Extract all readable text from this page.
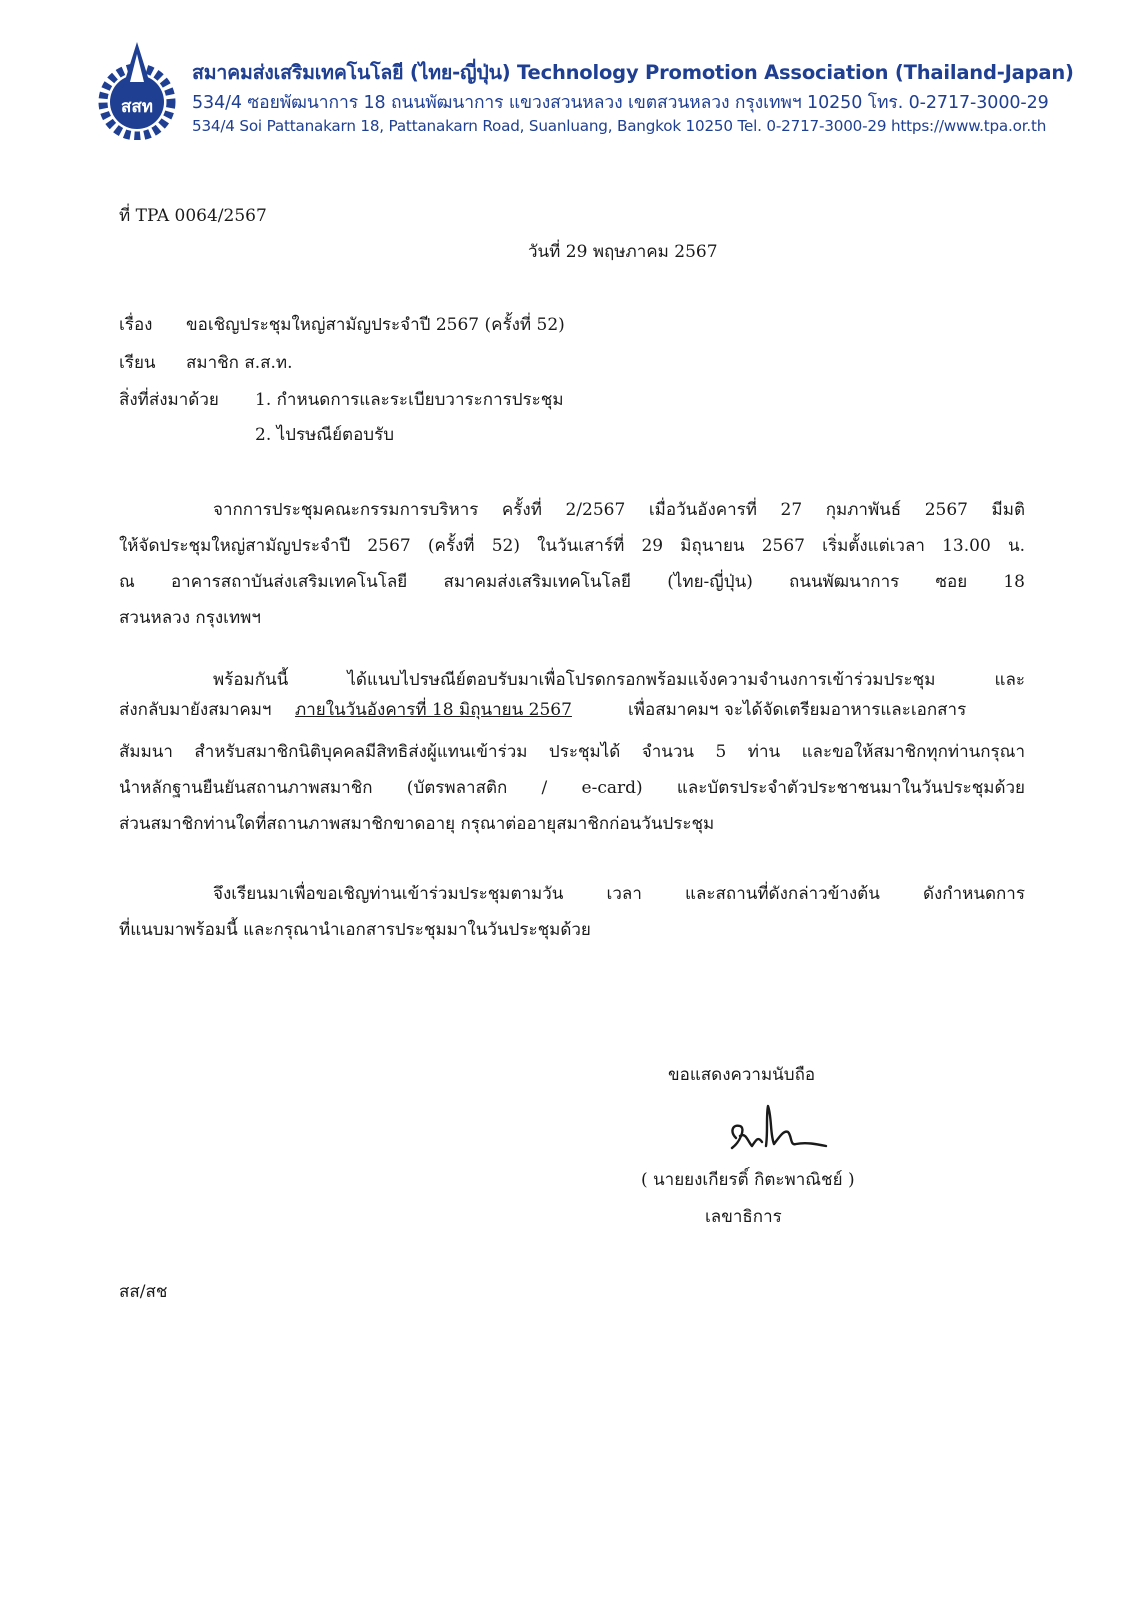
สสท
สมาคมส่งเสริมเทคโนโลยี (ไทย-ญี่ปุ่น) Technology Promotion Association (Thailand-Japan)
534/4 ซอยพัฒนาการ 18 ถนนพัฒนาการ แขวงสวนหลวง เขตสวนหลวง กรุงเทพฯ 10250 โทร. 0-2717-3000-29
534/4 Soi Pattanakarn 18, Pattanakarn Road, Suanluang, Bangkok 10250 Tel. 0-2717-3000-29 https://www.tpa.or.th
ที่ TPA 0064/2567
วันที่ 29 พฤษภาคม 2567
เรื่อง ขอเชิญประชุมใหญ่สามัญประจำปี 2567 (ครั้งที่ 52)
เรียน สมาชิก ส.ส.ท.
สิ่งที่ส่งมาด้วย 1. กำหนดการและระเบียบวาระการประชุม
2. ไปรษณีย์ตอบรับ
จากการประชุมคณะกรรมการบริหาร ครั้งที่ 2/2567 เมื่อวันอังคารที่ 27 กุมภาพันธ์ 2567 มีมติ
ให้จัดประชุมใหญ่สามัญประจำปี 2567 (ครั้งที่ 52) ในวันเสาร์ที่ 29 มิถุนายน 2567 เริ่มตั้งแต่เวลา 13.00 น.
ณ อาคารสถาบันส่งเสริมเทคโนโลยี สมาคมส่งเสริมเทคโนโลยี (ไทย-ญี่ปุ่น) ถนนพัฒนาการ ซอย 18
สวนหลวง กรุงเทพฯ
พร้อมกันนี้ ได้แนบไปรษณีย์ตอบรับมาเพื่อโปรดกรอกพร้อมแจ้งความจำนงการเข้าร่วมประชุม และ
ส่งกลับมายังสมาคมฯ ภายในวันอังคารที่ 18 มิถุนายน 2567	เพื่อสมาคมฯ จะได้จัดเตรียมอาหารและเอกสาร
สัมมนา สำหรับสมาชิกนิติบุคคลมีสิทธิส่งผู้แทนเข้าร่วม ประชุมได้ จำนวน 5 ท่าน และขอให้สมาชิกทุกท่านกรุณา
นำหลักฐานยืนยันสถานภาพสมาชิก (บัตรพลาสติก / e-card) และบัตรประจำตัวประชาชนมาในวันประชุมด้วย
ส่วนสมาชิกท่านใดที่สถานภาพสมาชิกขาดอายุ กรุณาต่ออายุสมาชิกก่อนวันประชุม
จึงเรียนมาเพื่อขอเชิญท่านเข้าร่วมประชุมตามวัน เวลา และสถานที่ดังกล่าวข้างต้น ดังกำหนดการ
ที่แนบมาพร้อมนี้ และกรุณานำเอกสารประชุมมาในวันประชุมด้วย
ขอแสดงความนับถือ
( นายยงเกียรติ์ กิตะพาณิชย์ )
เลขาธิการ
สส/สช
